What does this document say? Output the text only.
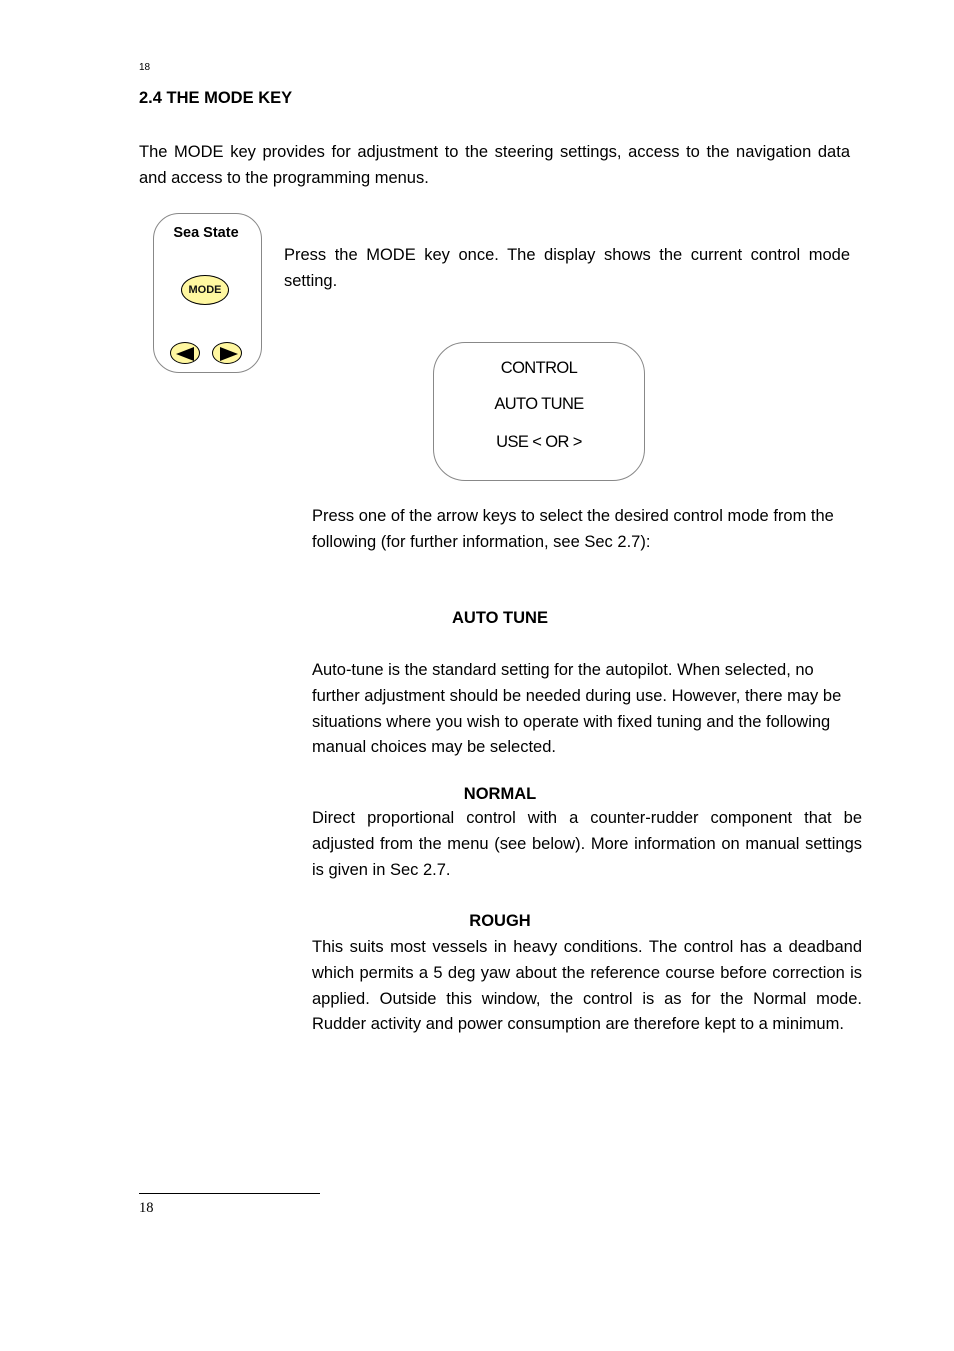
18
2.4 THE MODE KEY
The MODE key provides for adjustment to the steering settings, access to the navigation data and access to the programming menus.
Sea State
MODE
Press the MODE key once. The display shows the current control mode setting.
CONTROL
AUTO TUNE
USE < OR >
Press one of the arrow keys to select the desired control mode from the following (for further information, see Sec 2.7):
AUTO TUNE
Auto-tune is the standard setting for the autopilot. When selected, no further adjustment should be needed during use. However, there may be situations where you wish to operate with fixed tuning and the following manual choices may be selected.
NORMAL
Direct proportional control with a counter-rudder component that be adjusted from the menu (see below). More information on manual settings is given in Sec 2.7.
ROUGH
This suits most vessels in heavy conditions. The control has a deadband which permits a 5 deg yaw about the reference course before correction is applied. Outside this window, the control is as for the Normal mode. Rudder activity and power consumption are therefore kept to a minimum.
18
